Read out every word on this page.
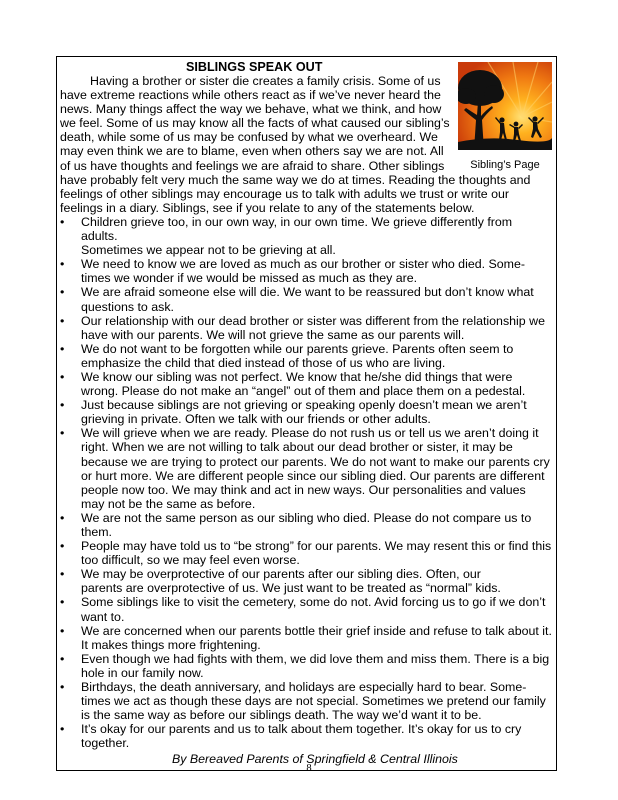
Sibling’s Page
SIBLINGS SPEAK OUT

Having a brother or sister die creates a family crisis. Some of us have extreme reactions while others react as if we’ve never heard the news. Many things affect the way we behave, what we think, and how we feel. Some of us may know all the facts of what caused our sibling’s death, while some of us may be confused by what we overheard. We may even think we are to blame, even when others say we are not. All of us have thoughts and feelings we are afraid to share. Other siblings have probably felt very much the same way we do at times. Reading the thoughts and feelings of other siblings may encourage us to talk with adults we trust or write our feelings in a diary. Siblings, see if you relate to any of the statements below.

• Children grieve too, in our own way, in our own time. We grieve differently from adults.
Sometimes we appear not to be grieving at all.
• We need to know we are loved as much as our brother or sister who died. Some-times we wonder if we would be missed as much as they are.
• We are afraid someone else will die. We want to be reassured but don’t know what questions to ask.
• Our relationship with our dead brother or sister was different from the relationship we have with our parents. We will not grieve the same as our parents will.
• We do not want to be forgotten while our parents grieve. Parents often seem to emphasize the child that died instead of those of us who are living.
• We know our sibling was not perfect. We know that he/she did things that were wrong. Please do not make an “angel” out of them and place them on a pedestal.
• Just because siblings are not grieving or speaking openly doesn’t mean we aren’t grieving in private. Often we talk with our friends or other adults.
• We will grieve when we are ready. Please do not rush us or tell us we aren’t doing it right. When we are not willing to talk about our dead brother or sister, it may be because we are trying to protect our parents. We do not want to make our parents cry or hurt more. We are different people since our sibling died. Our parents are different people now too. We may think and act in new ways. Our personalities and values may not be the same as before.
• We are not the same person as our sibling who died. Please do not compare us to them.
• People may have told us to “be strong” for our parents. We may resent this or find this too difficult, so we may feel even worse.
• We may be overprotective of our parents after our sibling dies. Often, our
parents are overprotective of us. We just want to be treated as “normal” kids.
• Some siblings like to visit the cemetery, some do not. Avid forcing us to go if we don’t want to.
• We are concerned when our parents bottle their grief inside and refuse to talk about it. It makes things more frightening.
• Even though we had fights with them, we did love them and miss them. There is a big hole in our family now.
• Birthdays, the death anniversary, and holidays are especially hard to bear. Some-times we act as though these days are not special. Sometimes we pretend our family is the same way as before our siblings death. The way we’d want it to be.
• It’s okay for our parents and us to talk about them together. It’s okay for us to cry together.
By Bereaved Parents of Springfield & Central Illinois
8
